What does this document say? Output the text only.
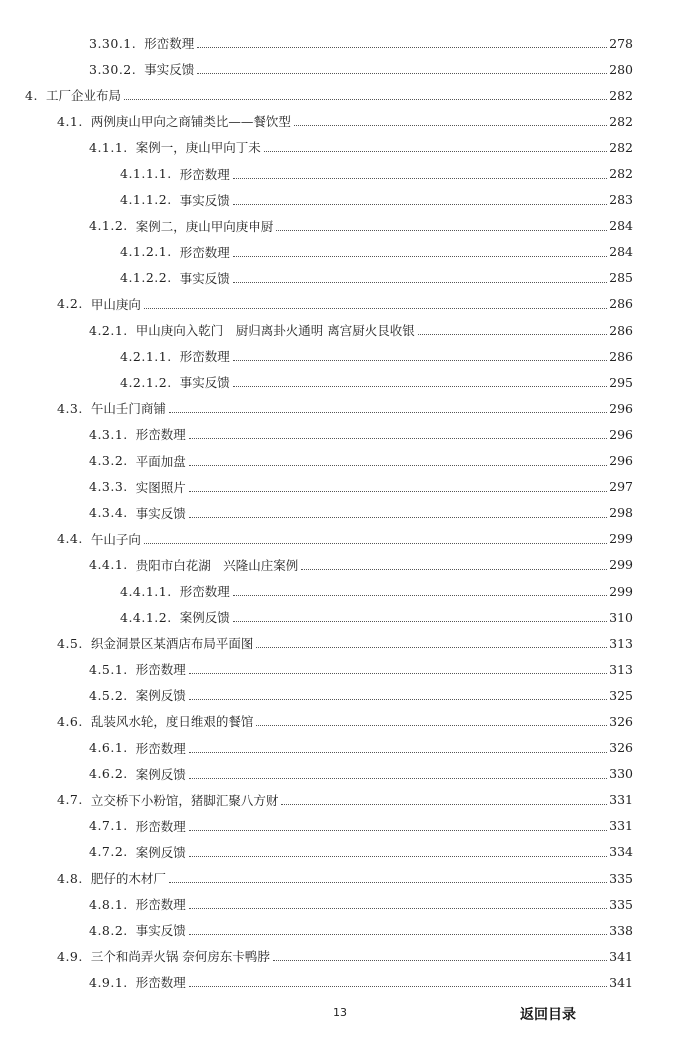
3.30.1. 形峦数理	278
3.30.2. 事实反馈	280
4. 工厂企业布局	282
4.1. 两例庚山甲向之商铺类比——餐饮型	282
4.1.1. 案例一，庚山甲向丁未	282
4.1.1.1. 形峦数理	282
4.1.1.2. 事实反馈	283
4.1.2. 案例二，庚山甲向庚申厨	284
4.1.2.1. 形峦数理	284
4.1.2.2. 事实反馈	285
4.2. 甲山庚向	286
4.2.1. 甲山庚向入乾门　厨归离卦火通明 离宫厨火艮收银	286
4.2.1.1. 形峦数理	286
4.2.1.2. 事实反馈	295
4.3. 午山壬门商铺	296
4.3.1. 形峦数理	296
4.3.2. 平面加盘	296
4.3.3. 实图照片	297
4.3.4. 事实反馈	298
4.4. 午山子向	299
4.4.1. 贵阳市白花湖　兴隆山庄案例	299
4.4.1.1. 形峦数理	299
4.4.1.2. 案例反馈	310
4.5. 织金洞景区某酒店布局平面图	313
4.5.1. 形峦数理	313
4.5.2. 案例反馈	325
4.6. 乱装风水轮，度日维艰的餐馆	326
4.6.1. 形峦数理	326
4.6.2. 案例反馈	330
4.7. 立交桥下小粉馆，猪脚汇聚八方财	331
4.7.1. 形峦数理	331
4.7.2. 案例反馈	334
4.8. 肥仔的木材厂	335
4.8.1. 形峦数理	335
4.8.2. 事实反馈	338
4.9. 三个和尚弄火锅 奈何房东卡鸭脖	341
4.9.1. 形峦数理	341
13	返回目录
